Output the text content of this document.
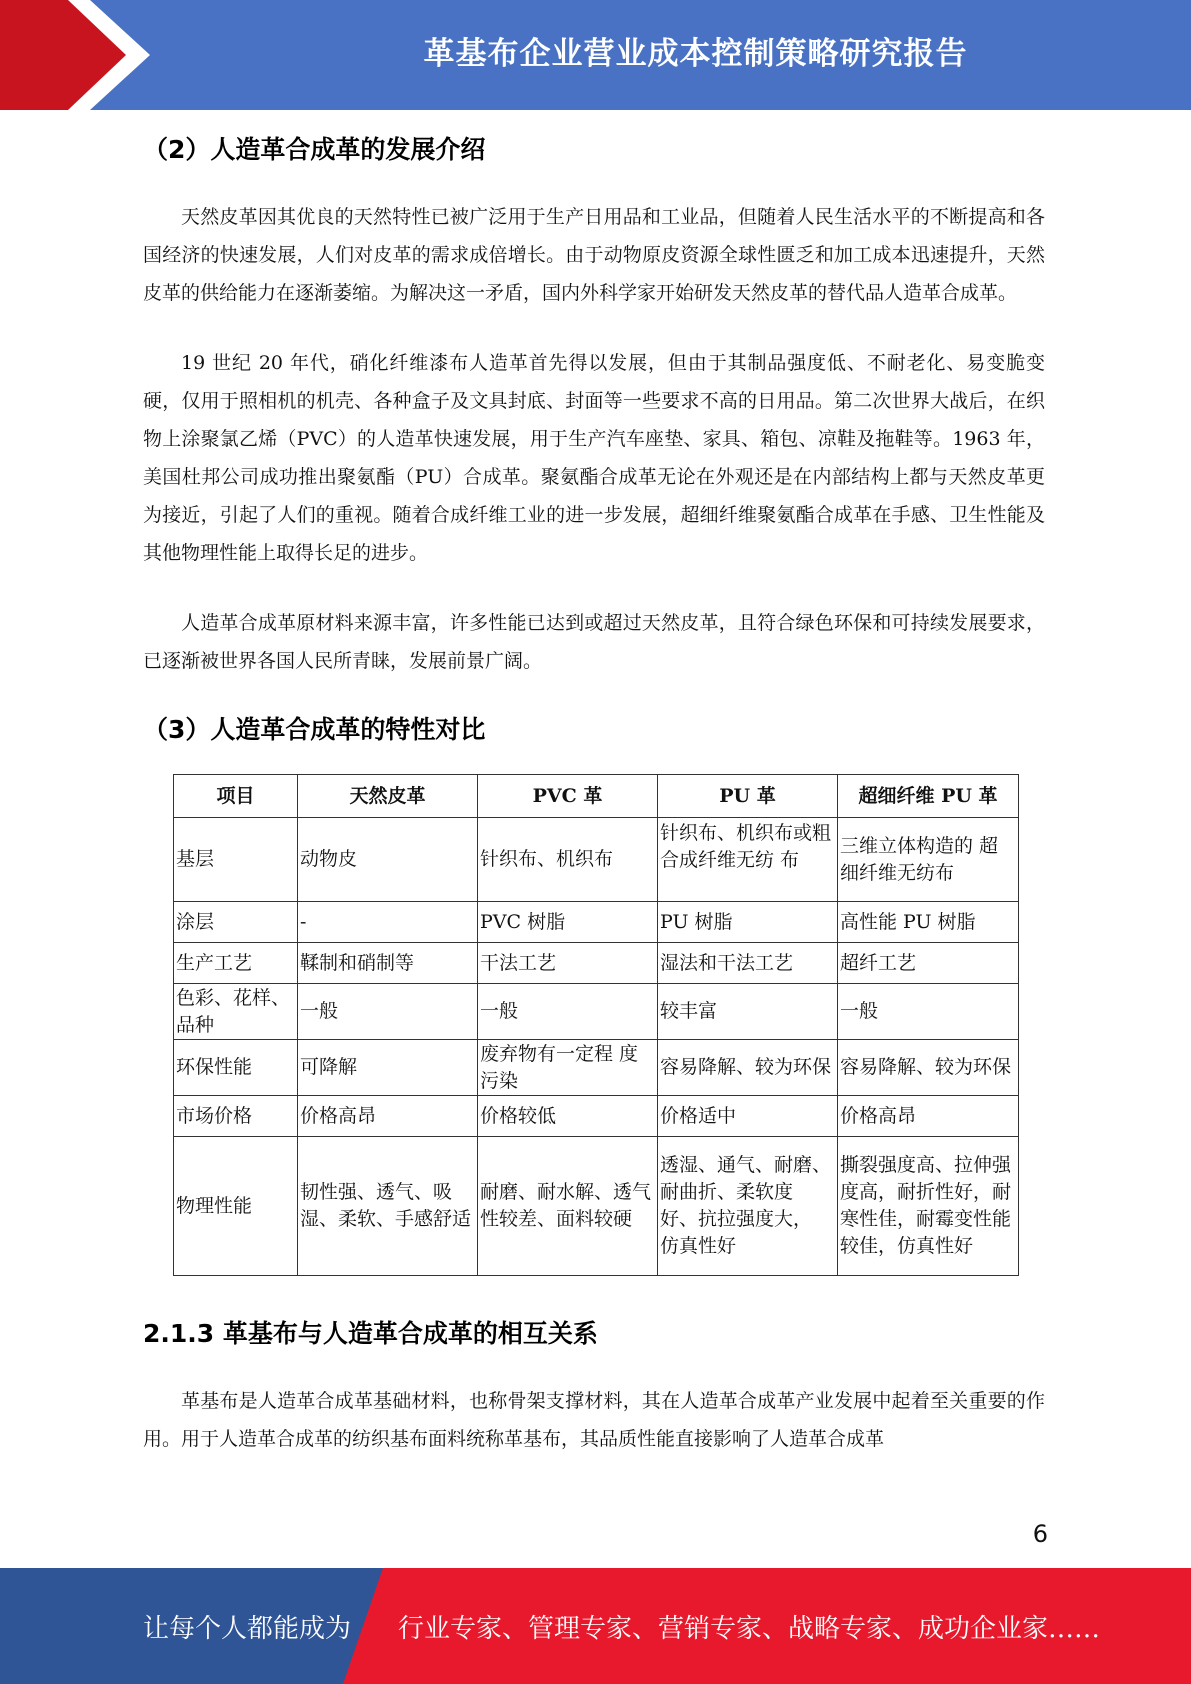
革基布企业营业成本控制策略研究报告
（2）人造革合成革的发展介绍

天然皮革因其优良的天然特性已被广泛用于生产日用品和工业品，但随着人民生活水平的不断提高和各国经济的快速发展，人们对皮革的需求成倍增长。由于动物原皮资源全球性匮乏和加工成本迅速提升，天然皮革的供给能力在逐渐萎缩。为解决这一矛盾，国内外科学家开始研发天然皮革的替代品人造革合成革。

19 世纪 20 年代，硝化纤维漆布人造革首先得以发展，但由于其制品强度低、不耐老化、易变脆变硬，仅用于照相机的机壳、各种盒子及文具封底、封面等一些要求不高的日用品。第二次世界大战后，在织物上涂聚氯乙烯（PVC）的人造革快速发展，用于生产汽车座垫、家具、箱包、凉鞋及拖鞋等。1963 年，美国杜邦公司成功推出聚氨酯（PU）合成革。聚氨酯合成革无论在外观还是在内部结构上都与天然皮革更为接近，引起了人们的重视。随着合成纤维工业的进一步发展，超细纤维聚氨酯合成革在手感、卫生性能及其他物理性能上取得长足的进步。

人造革合成革原材料来源丰富，许多性能已达到或超过天然皮革，且符合绿色环保和可持续发展要求，已逐渐被世界各国人民所青睐，发展前景广阔。

（3）人造革合成革的特性对比
项目	天然皮革	PVC 革	PU 革	超细纤维 PU 革
基层	动物皮	针织布、机织布	针织布、机织布或粗合成纤维无纺 布	三维立体构造的 超细纤维无纺布
涂层	-	PVC 树脂	PU 树脂	高性能 PU 树脂
生产工艺	鞣制和硝制等	干法工艺	湿法和干法工艺	超纤工艺
色彩、花样、品种	一般	一般	较丰富	一般
环保性能	可降解	废弃物有一定程 度污染	容易降解、较为环保	容易降解、较为环保
市场价格	价格高昂	价格较低	价格适中	价格高昂
物理性能	韧性强、透气、吸湿、柔软、手感舒适	耐磨、耐水解、透气性较差、面料较硬	透湿、通气、耐磨、 耐曲折、柔软度 好、抗拉强度大， 仿真性好	撕裂强度高、拉伸强度高，耐折性好，耐寒性佳，耐霉变性能较佳，仿真性好
2.1.3 革基布与人造革合成革的相互关系

革基布是人造革合成革基础材料，也称骨架支撑材料，其在人造革合成革产业发展中起着至关重要的作用。用于人造革合成革的纺织基布面料统称革基布，其品质性能直接影响了人造革合成革

6
让每个人都能成为 行业专家、管理专家、营销专家、战略专家、成功企业家……
